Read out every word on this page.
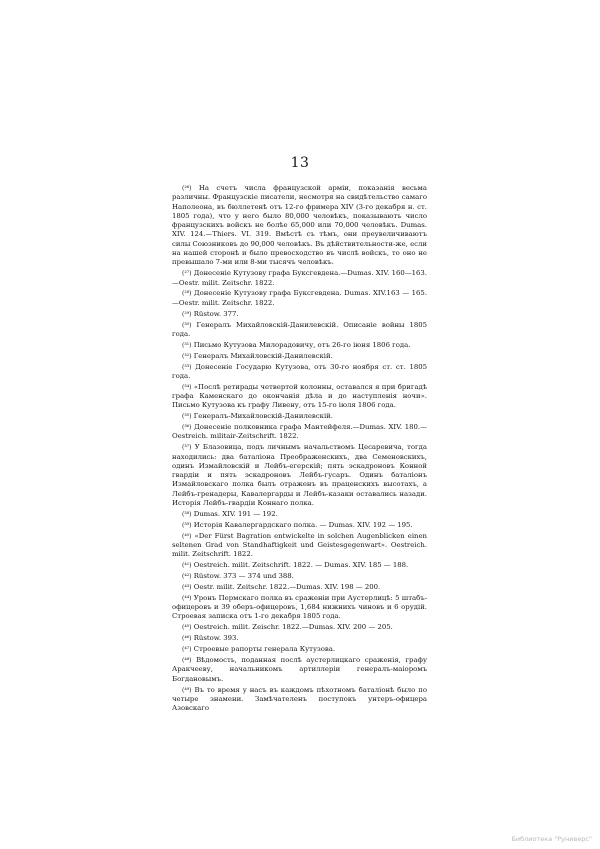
13

(²⁶) На счетъ числа французской арміи, показанія весьма различны. Французскіе писатели, несмотря на свидѣтельство самаго Наполеона, въ бюллетенѣ отъ 12-го фримера XIV (3-го декабря н. ст. 1805 года), что у него было 80,000 человѣкъ, показываютъ число французскихъ войскъ не болѣе 65,000 или 70,000 человѣкъ. Dumas. XIV. 124.—Thiers. VI. 319. Вмѣстѣ съ тѣмъ, они преувеличиваютъ силы Союзниковъ до 90,000 человѣкъ. Въ дѣйствительности-же, если на нашей сторонѣ и было превосходство въ числѣ войскъ, то оно не превышало 7-ми или 8-ми тысячъ человѣкъ.

(²⁷) Донесеніе Кутузову графа Буксгевдена.—Dumas. XIV. 160—163.—Oestr. milit. Zeitschr. 1822.

(²⁸) Донесеніе Кутузову графа Буксгевдена. Dumas. XIV.163 — 165.—Oestr. milit. Zeitschr. 1822.

(²⁹) Rüstow. 377.

(³⁰) Генералъ Михайловскій-Данилевскій. Описаніе войны 1805 года.

(³¹) Письмо Кутузова Милорадовичу, отъ 26-го іюня 1806 года.

(³²) Генералъ Михайловскій-Данилевскій.

(³³) Донесеніе Государю Кутузова, отъ 30-го ноября ст. ст. 1805 года.

(³⁴) «Послѣ ретирады четвертой колонны, оставался я при бригадѣ графа Каменскаго до окончанія дѣла и до наступленія ночи». Письмо Кутузова къ графу Ливену, отъ 15-го іюля 1806 года.

(³⁵) Генералъ-Михайловскій-Данилевскій.

(³⁶) Донесеніе полковника графа Мантейфеля.—Dumas. XIV. 180.—Oestreich. militair-Zeitschrift. 1822.

(³⁷) У Блазовица, подъ личнымъ начальствомъ Цесаревича, тогда находились: два баталіона Преображенскихъ, два Семеновскихъ, одинъ Измайловскій и Лейбъ-егерскій; пять эскадроновъ Конной гвардіи и пять эскадроновъ Лейбъ-гусаръ. Одинъ баталіонъ Измайловскаго полка былъ отраженъ въ праценскихъ высотахъ, а Лейбъ-гренадеры, Кавалергарды и Лейбъ-казаки оставались назади. Исторія Лейбъ-гвардіи Коннаго полка.

(³⁸) Dumas. XIV. 191 — 192.

(³⁹) Исторія Кавалергардскаго полка. — Dumas. XIV. 192 — 195.

(⁴⁰) «Der Fürst Bagration entwickelte in solchen Augenblicken einen seltenen Grad von Standhaftigkeit und Geistesgegenwart». Oestreich. milit. Zeitschrift. 1822.

(⁴¹) Oestreich. milit. Zeitschrift. 1822. — Dumas. XIV. 185 — 188.

(⁴²) Rüstow. 373 — 374 und 388.

(⁴³) Oestr. milit. Zeitschr. 1822.—Dumas. XIV. 198 — 200.

(⁴⁴) Уронъ Пермскаго полка въ сраженіи при Аустерлицѣ: 5 штабъ-офицеровъ и 39 оберъ-офицеровъ, 1,684 нижнихъ чиновъ и 6 орудій. Строевая записка отъ 1-го декабря 1805 года.

(⁴⁵) Oestreich. milit. Zeischr. 1822.—Dumas. XIV. 200 — 205.

(⁴⁶) Rüstow. 393.

(⁴⁷) Строевые рапорты генерала Кутузова.

(⁴⁸) Вѣдомость, поданная послѣ аустерлицкаго сраженія, графу Аракчееву, начальникомъ артиллеріи генералъ-маіоромъ Богдановымъ.

(⁴⁹) Въ то время у насъ въ каждомъ пѣхотномъ баталіонѣ было по четыре знамени. Замѣчателенъ поступокъ унтеръ-офицера Азовскаго

Библиотека "Руниверс"
